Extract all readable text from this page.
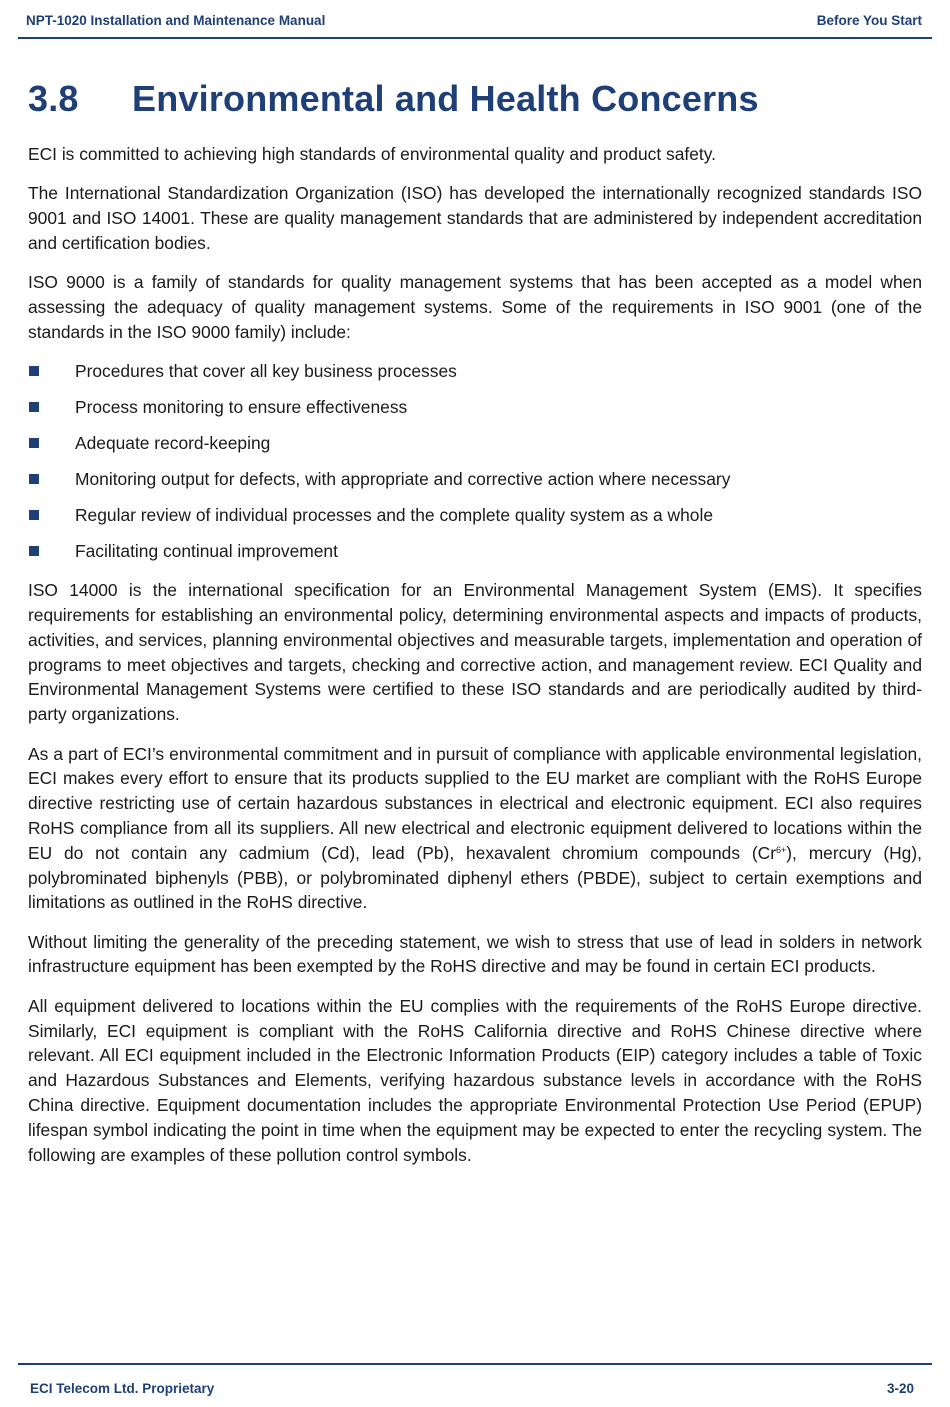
NPT-1020 Installation and Maintenance Manual	Before You Start
3.8 Environmental and Health Concerns

ECI is committed to achieving high standards of environmental quality and product safety.

The International Standardization Organization (ISO) has developed the internationally recognized standards ISO 9001 and ISO 14001. These are quality management standards that are administered by independent accreditation and certification bodies.

ISO 9000 is a family of standards for quality management systems that has been accepted as a model when assessing the adequacy of quality management systems. Some of the requirements in ISO 9001 (one of the standards in the ISO 9000 family) include:

Procedures that cover all key business processes
Process monitoring to ensure effectiveness
Adequate record-keeping
Monitoring output for defects, with appropriate and corrective action where necessary
Regular review of individual processes and the complete quality system as a whole
Facilitating continual improvement

ISO 14000 is the international specification for an Environmental Management System (EMS). It specifies requirements for establishing an environmental policy, determining environmental aspects and impacts of products, activities, and services, planning environmental objectives and measurable targets, implementation and operation of programs to meet objectives and targets, checking and corrective action, and management review. ECI Quality and Environmental Management Systems were certified to these ISO standards and are periodically audited by third-party organizations.

As a part of ECI’s environmental commitment and in pursuit of compliance with applicable environmental legislation, ECI makes every effort to ensure that its products supplied to the EU market are compliant with the RoHS Europe directive restricting use of certain hazardous substances in electrical and electronic equipment. ECI also requires RoHS compliance from all its suppliers. All new electrical and electronic equipment delivered to locations within the EU do not contain any cadmium (Cd), lead (Pb), hexavalent chromium compounds $(Cr^{6+})$, mercury (Hg), polybrominated biphenyls (PBB), or polybrominated diphenyl ethers (PBDE), subject to certain exemptions and limitations as outlined in the RoHS directive.

Without limiting the generality of the preceding statement, we wish to stress that use of lead in solders in network infrastructure equipment has been exempted by the RoHS directive and may be found in certain ECI products.

All equipment delivered to locations within the EU complies with the requirements of the RoHS Europe directive. Similarly, ECI equipment is compliant with the RoHS California directive and RoHS Chinese directive where relevant. All ECI equipment included in the Electronic Information Products (EIP) category includes a table of Toxic and Hazardous Substances and Elements, verifying hazardous substance levels in accordance with the RoHS China directive. Equipment documentation includes the appropriate Environmental Protection Use Period (EPUP) lifespan symbol indicating the point in time when the equipment may be expected to enter the recycling system. The following are examples of these pollution control symbols.

ECI Telecom Ltd. Proprietary	3-20
